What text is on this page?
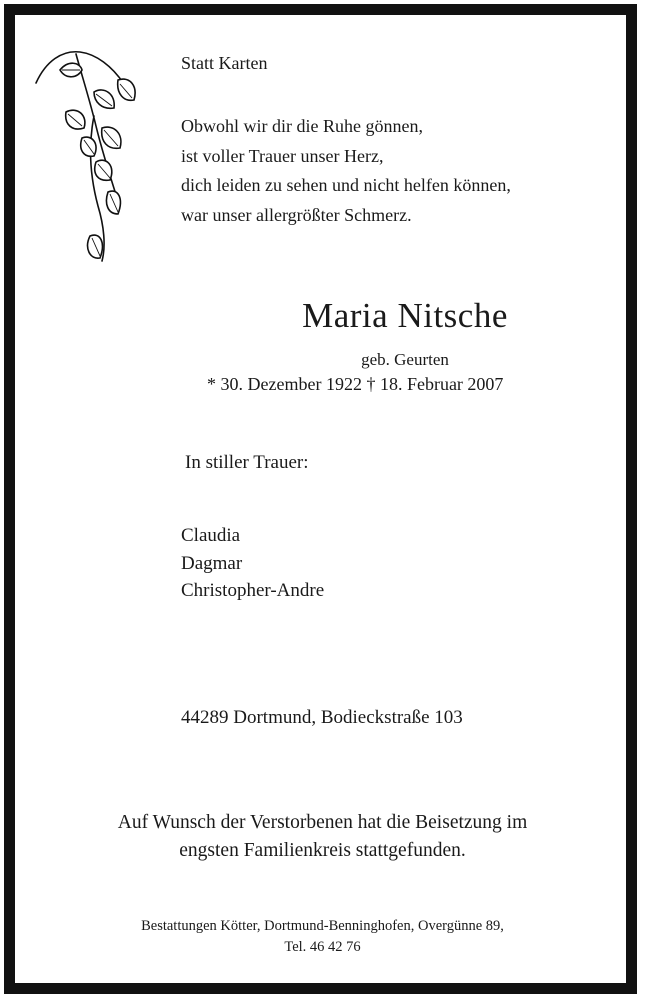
Statt Karten
Obwohl wir dir die Ruhe gönnen,
ist voller Trauer unser Herz,
dich leiden zu sehen und nicht helfen können,
war unser allergrößter Schmerz.
Maria Nitsche
geb. Geurten
* 30. Dezember 1922 † 18. Februar 2007
In stiller Trauer:
Claudia
Dagmar
Christopher-Andre
44289 Dortmund, Bodieckstraße 103
Auf Wunsch der Verstorbenen hat die Beisetzung im
engsten Familienkreis stattgefunden.
Bestattungen Kötter, Dortmund-Benninghofen, Overgünne 89,
Tel. 46 42 76
